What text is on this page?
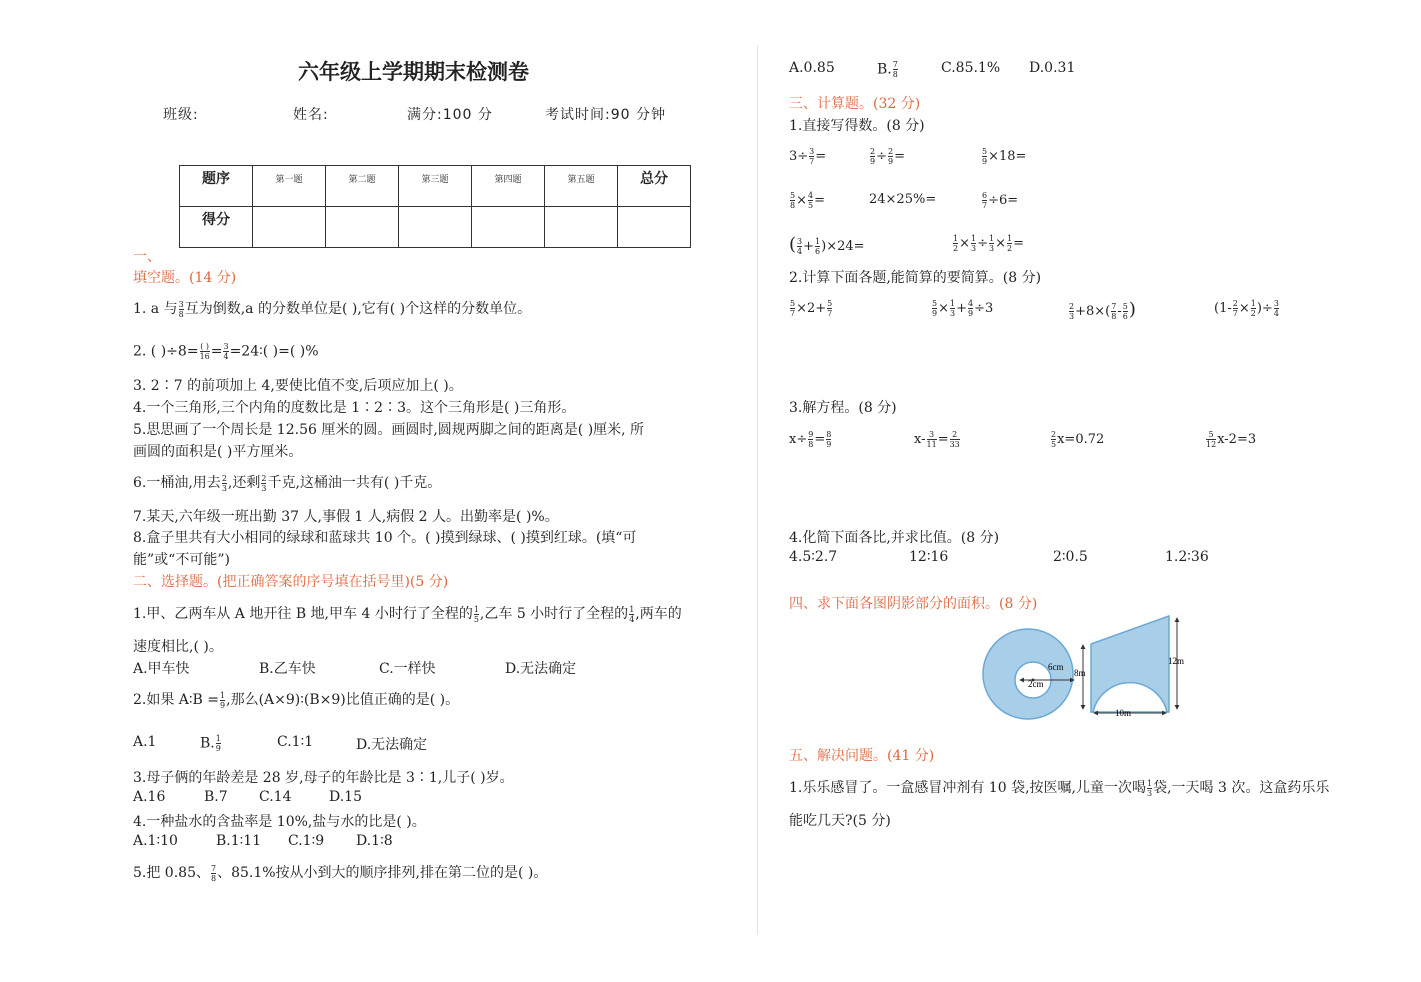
六年级上学期期末检测卷
班级:	姓名:	满分:100 分	考试时间:90 分钟
题序	第一题	第二题	第三题	第四题	第五题	总分
得分						
一、
填空题。(14 分)
1. a 与 $\frac{3}{8}$ 互为倒数,a 的分数单位是( ),它有( )个这样的分数单位。
2. ( )÷8= ( )
$16 = \frac{3}{4}$ =24∶( )=( )%
3. 2∶7 的前项加上 4,要使比值不变,后项应加上( )。
4.一个三角形,三个内角的度数比是 1∶2∶3。这个三角形是( )三角形。
5.思思画了一个周长是 12.56 厘米的圆。画圆时,圆规两脚之间的距离是( )厘米, 所
画圆的面积是( )平方厘米。
6.一桶油,用去 $\frac{2}{3}$ ,还剩 $\frac{2}{3}$ 千克,这桶油一共有( )千克。
7.某天,六年级一班出勤 37 人,事假 1 人,病假 2 人。出勤率是( )%。
8.盒子里共有大小相同的绿球和蓝球共 10 个。( )摸到绿球、( )摸到红球。(填“可
能”或“不可能”)
二、选择题。(把正确答案的序号填在括号里)(5 分)
1.甲、乙两车从 A 地开往 B 地,甲车 4 小时行了全程的 $\frac{1}{5}$ ,乙车 5 小时行了全程的 $\frac{1}{4}$ ,两车的
速度相比,( )。
A.甲车快	B.乙车快	C.一样快	D.无法确定
2.如果 A∶B = $\frac{1}{9}$ ,那么(A×9)∶(B×9)比值正确的是( )。
A.1	B. $\frac{1}{9}$	C.1∶1	D.无法确定
3.母子俩的年龄差是 28 岁,母子的年龄比是 3∶1,儿子( )岁。
A.16	B.7 C.14	D.15
4.一种盐水的含盐率是 10%,盐与水的比是( )。
A.1∶10	B.1∶11 C.1∶9 D.1∶8
5.把 0.85、 $\frac{7}{8}$ 、85.1%按从小到大的顺序排列,排在第二位的是( )。
A.0.85	B. $\frac{7}{8}$	C.85.1% D.0.31
三、计算题。(32 分)
1.直接写得数。(8 分)
$3\div \frac{3}{7}$ =	$\frac{2}{9} \div \frac{2}{9}$ =	$\frac{5}{9} \times 18=$
$\frac{5}{8} \times \frac{4}{5}$ =	24×25%=	$\frac{6}{7} \div 6=$
( $\frac{3}{4} + \frac{1}{6} )\times 24=$	$\frac{1}{2} \times \frac{1}{3} \div \frac{1}{3} \times \frac{1}{2}$ =
2.计算下面各题,能简算的要简算。(8 分)
$\frac{5}{7} \times 2+ \frac{5}{7}$	$\frac{5}{9} \times \frac{1}{3} + \frac{4}{9} \div 3$	$\frac{2}{3} +8\times( \frac{7}{8} - \frac{5}{6}$ )	($1- \frac{2}{7} \times \frac{1}{2}$ )÷ $\frac{3}{4}$
3.解方程。(8 分)
$x\div \frac{9}{8} = \frac{8}{9}$	$x- \frac{3}{11} = \frac{2}{33}$	$\frac{2}{5} x=0.72$	$\frac{5}{12} x-2=3$
4.化简下面各比,并求比值。(8 分)
4.5∶2.7	12∶16	2∶0.5	1.2∶36
四、求下面各图阴影部分的面积。(8 分)
6cm
2cm
8m
12m
10m
五、解决问题。(41 分)
1.乐乐感冒了。一盒感冒冲剂有 10 袋,按医嘱,儿童一次喝 $\frac{1}{3}$ 袋,一天喝 3 次。这盒药乐乐
能吃几天?(5 分)
